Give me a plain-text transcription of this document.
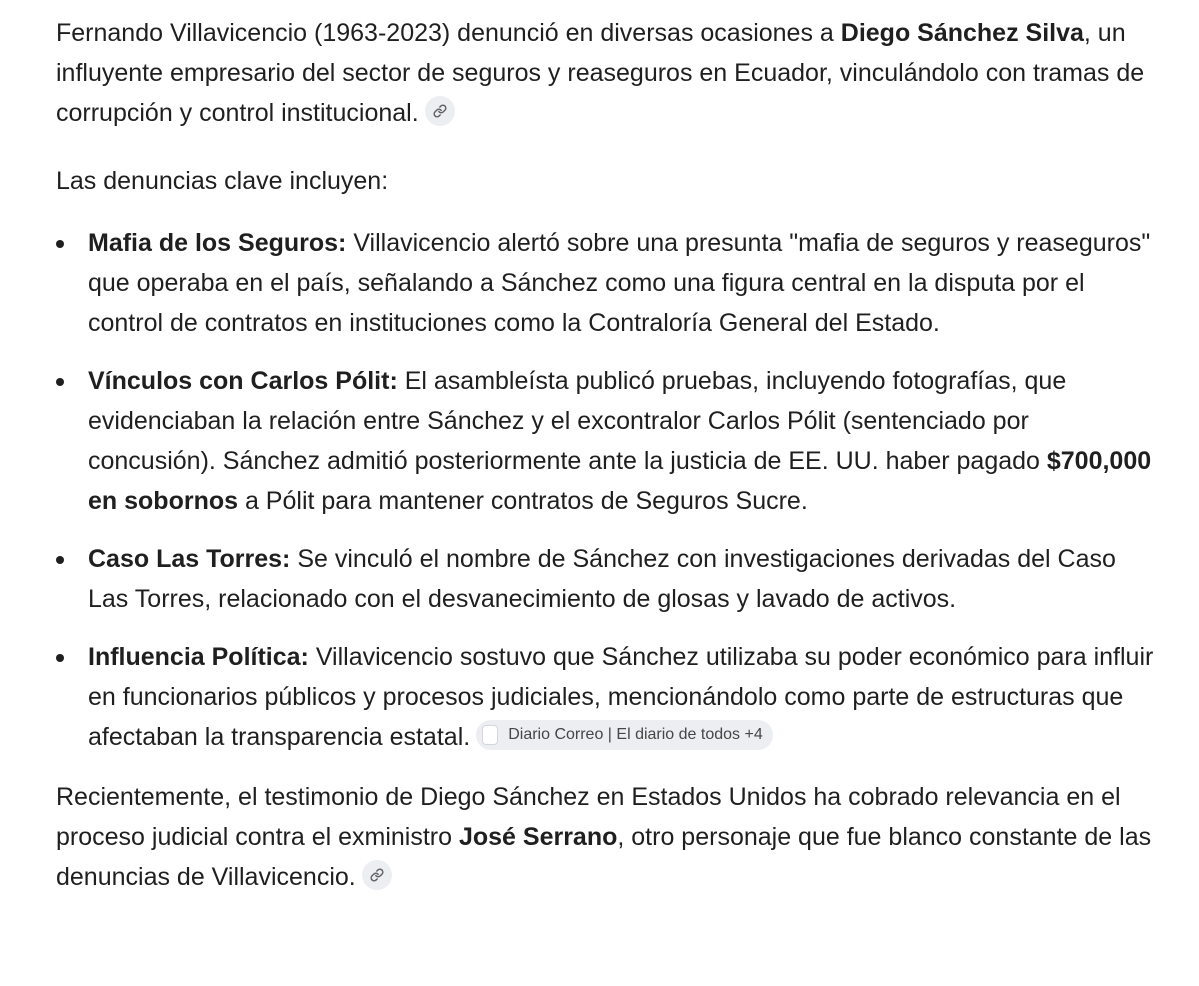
Fernando Villavicencio (1963-2023) denunció en diversas ocasiones a Diego Sánchez Silva, un influyente empresario del sector de seguros y reaseguros en Ecuador, vinculándolo con tramas de corrupción y control institucional.

Las denuncias clave incluyen:

Mafia de los Seguros: Villavicencio alertó sobre una presunta "mafia de seguros y reaseguros" que operaba en el país, señalando a Sánchez como una figura central en la disputa por el control de contratos en instituciones como la Contraloría General del Estado.
Vínculos con Carlos Pólit: El asambleísta publicó pruebas, incluyendo fotografías, que evidenciaban la relación entre Sánchez y el excontralor Carlos Pólit (sentenciado por concusión). Sánchez admitió posteriormente ante la justicia de EE. UU. haber pagado $700,000 en sobornos a Pólit para mantener contratos de Seguros Sucre.
Caso Las Torres: Se vinculó el nombre de Sánchez con investigaciones derivadas del Caso Las Torres, relacionado con el desvanecimiento de glosas y lavado de activos.
Influencia Política: Villavicencio sostuvo que Sánchez utilizaba su poder económico para influir en funcionarios públicos y procesos judiciales, mencionándolo como parte de estructuras que afectaban la transparencia estatal. Diario Correo | El diario de todos +4

Recientemente, el testimonio de Diego Sánchez en Estados Unidos ha cobrado relevancia en el proceso judicial contra el exministro José Serrano, otro personaje que fue blanco constante de las denuncias de Villavicencio.
